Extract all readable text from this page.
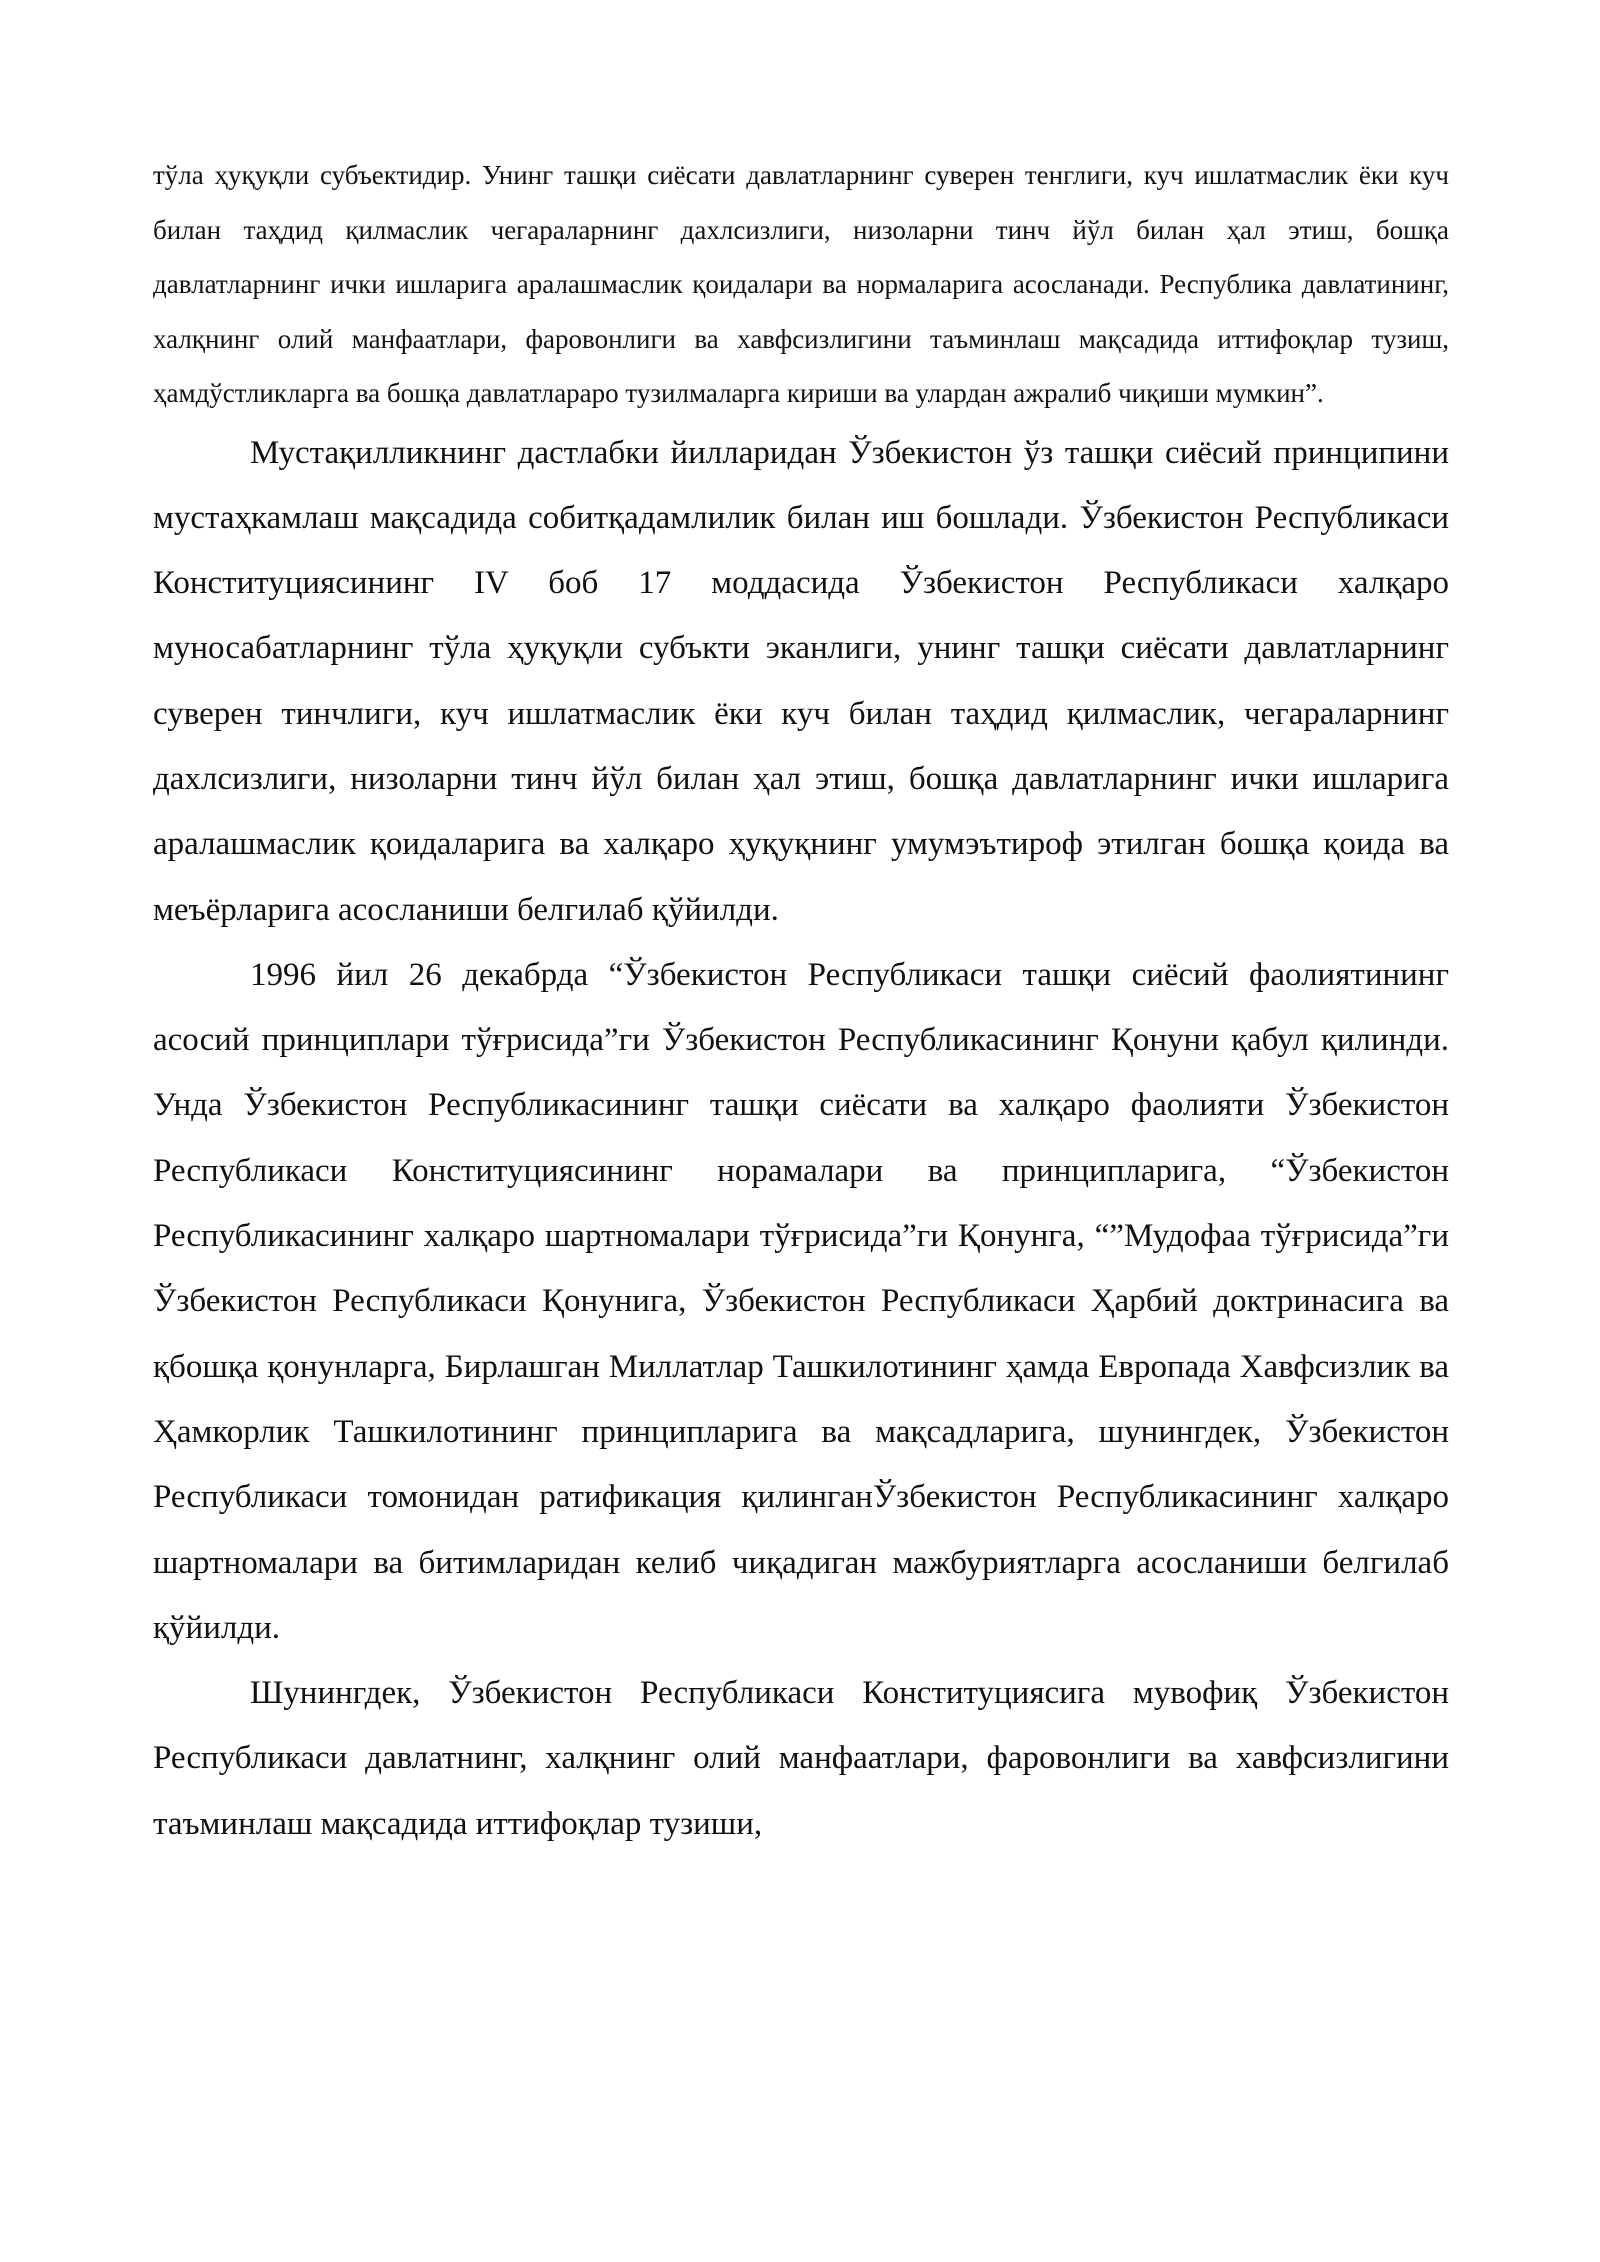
тўла ҳуқуқли субъектидир. Унинг ташқи сиёсати давлатларнинг суверен тенглиги, куч ишлатмаслик ёки куч билан таҳдид қилмаслик чегараларнинг дахлсизлиги, низоларни тинч йўл билан ҳал этиш, бошқа давлатларнинг ички ишларига аралашмаслик қоидалари ва нормаларига асосланади. Республика давлатининг, халқнинг олий манфаатлари, фаровонлиги ва хавфсизлигини таъминлаш мақсадида иттифоқлар тузиш, ҳамдўстликларга ва бошқа давлатлараро тузилмаларга кириши ва улардан ажралиб чиқиши мумкин”.

Мустақилликнинг дастлабки йилларидан Ўзбекистон ўз ташқи сиёсий принципини мустаҳкамлаш мақсадида собитқадамлилик билан иш бошлади. Ўзбекистон Республикаси Конституциясининг IV боб 17 моддасида Ўзбекистон Республикаси халқаро муносабатларнинг тўла ҳуқуқли субъкти эканлиги, унинг ташқи сиёсати давлатларнинг суверен тинчлиги, куч ишлатмаслик ёки куч билан таҳдид қилмаслик, чегараларнинг дахлсизлиги, низоларни тинч йўл билан ҳал этиш, бошқа давлатларнинг ички ишларига аралашмаслик қоидаларига ва халқаро ҳуқуқнинг умумэътироф этилган бошқа қоида ва меъёрларига асосланиши белгилаб қўйилди.

1996 йил 26 декабрда “Ўзбекистон Республикаси ташқи сиёсий фаолиятининг асосий принциплари тўғрисида”ги Ўзбекистон Республикасининг Қонуни қабул қилинди. Унда Ўзбекистон Республикасининг ташқи сиёсати ва халқаро фаолияти Ўзбекистон Республикаси Конституциясининг норамалари ва принципларига, “Ўзбекистон Республикасининг халқаро шартномалари тўғрисида”ги Қонунга, “”Мудофаа тўғрисида”ги Ўзбекистон Республикаси Қонунига, Ўзбекистон Республикаси Ҳарбий доктринасига ва қбошқа қонунларга, Бирлашган Миллатлар Ташкилотининг ҳамда Европада Хавфсизлик ва Ҳамкорлик Ташкилотининг принципларига ва мақсадларига, шунингдек, Ўзбекистон Республикаси томонидан ратификация қилинганЎзбекистон Республикасининг халқаро шартномалари ва битимларидан келиб чиқадиган мажбуриятларга асосланиши белгилаб қўйилди.

Шунингдек, Ўзбекистон Республикаси Конституциясига мувофиқ Ўзбекистон Республикаси давлатнинг, халқнинг олий манфаатлари, фаровонлиги ва хавфсизлигини таъминлаш мақсадида иттифоқлар тузиши,
